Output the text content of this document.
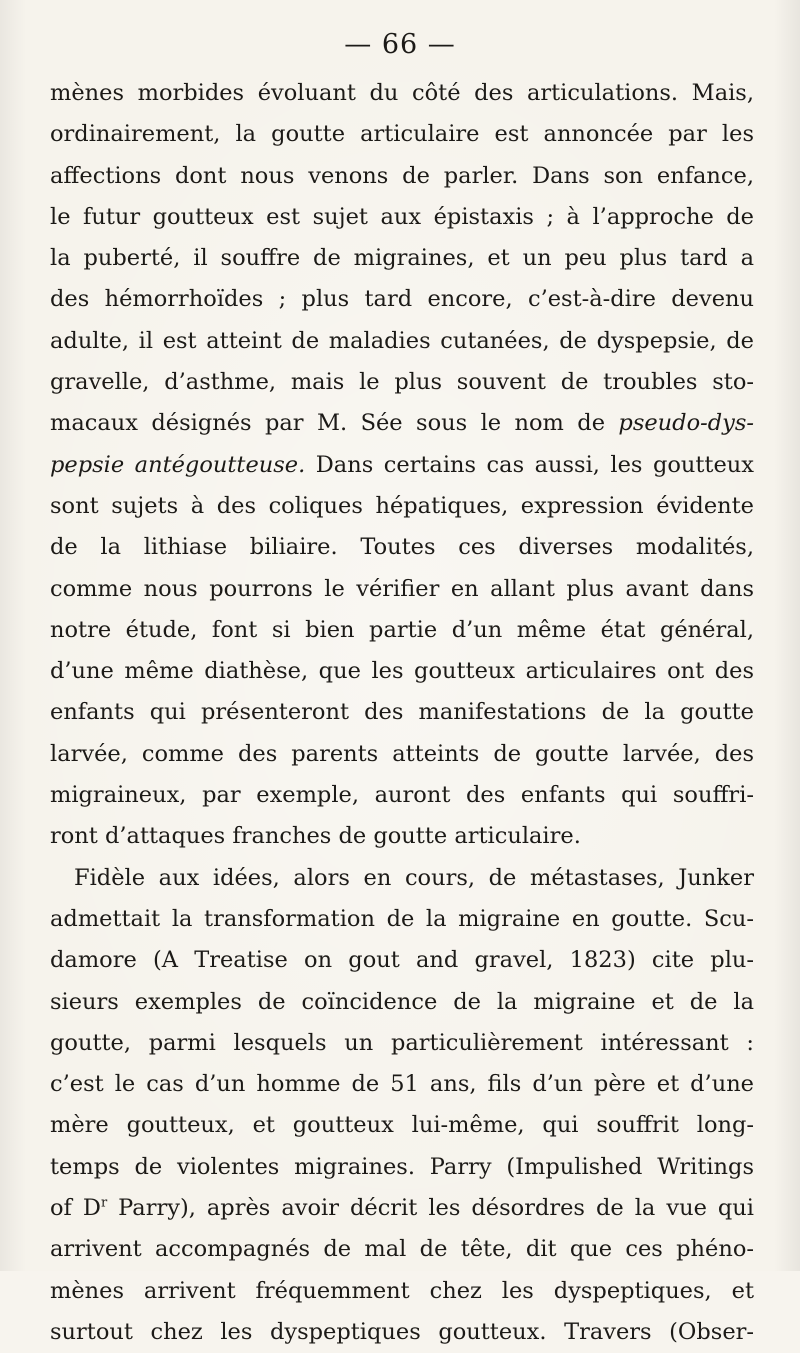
— 66 —
mènes morbides évoluant du côté des articulations. Mais,
ordinairement, la goutte articulaire est annoncée par les
affections dont nous venons de parler. Dans son enfance,
le futur goutteux est sujet aux épistaxis ; à l’approche de
la puberté, il souffre de migraines, et un peu plus tard a
des hémorrhoïdes ; plus tard encore, c’est-à-dire devenu
adulte, il est atteint de maladies cutanées, de dyspepsie, de
gravelle, d’asthme, mais le plus souvent de troubles sto-
macaux désignés par M. Sée sous le nom de pseudo-dys-
pepsie antégoutteuse. Dans certains cas aussi, les goutteux
sont sujets à des coliques hépatiques, expression évidente
de la lithiase biliaire. Toutes ces diverses modalités,
comme nous pourrons le vérifier en allant plus avant dans
notre étude, font si bien partie d’un même état général,
d’une même diathèse, que les goutteux articulaires ont des
enfants qui présenteront des manifestations de la goutte
larvée, comme des parents atteints de goutte larvée, des
migraineux, par exemple, auront des enfants qui souffri-
ront d’attaques franches de goutte articulaire.
Fidèle aux idées, alors en cours, de métastases, Junker
admettait la transformation de la migraine en goutte. Scu-
damore (A Treatise on gout and gravel, 1823) cite plu-
sieurs exemples de coïncidence de la migraine et de la
goutte, parmi lesquels un particulièrement intéressant :
c’est le cas d’un homme de 51 ans, fils d’un père et d’une
mère goutteux, et goutteux lui-même, qui souffrit long-
temps de violentes migraines. Parry (Impulished Writings
of $D^r$ Parry), après avoir décrit les désordres de la vue qui
arrivent accompagnés de mal de tête, dit que ces phéno-
mènes arrivent fréquemment chez les dyspeptiques, et
surtout chez les dyspeptiques goutteux. Travers (Obser-
